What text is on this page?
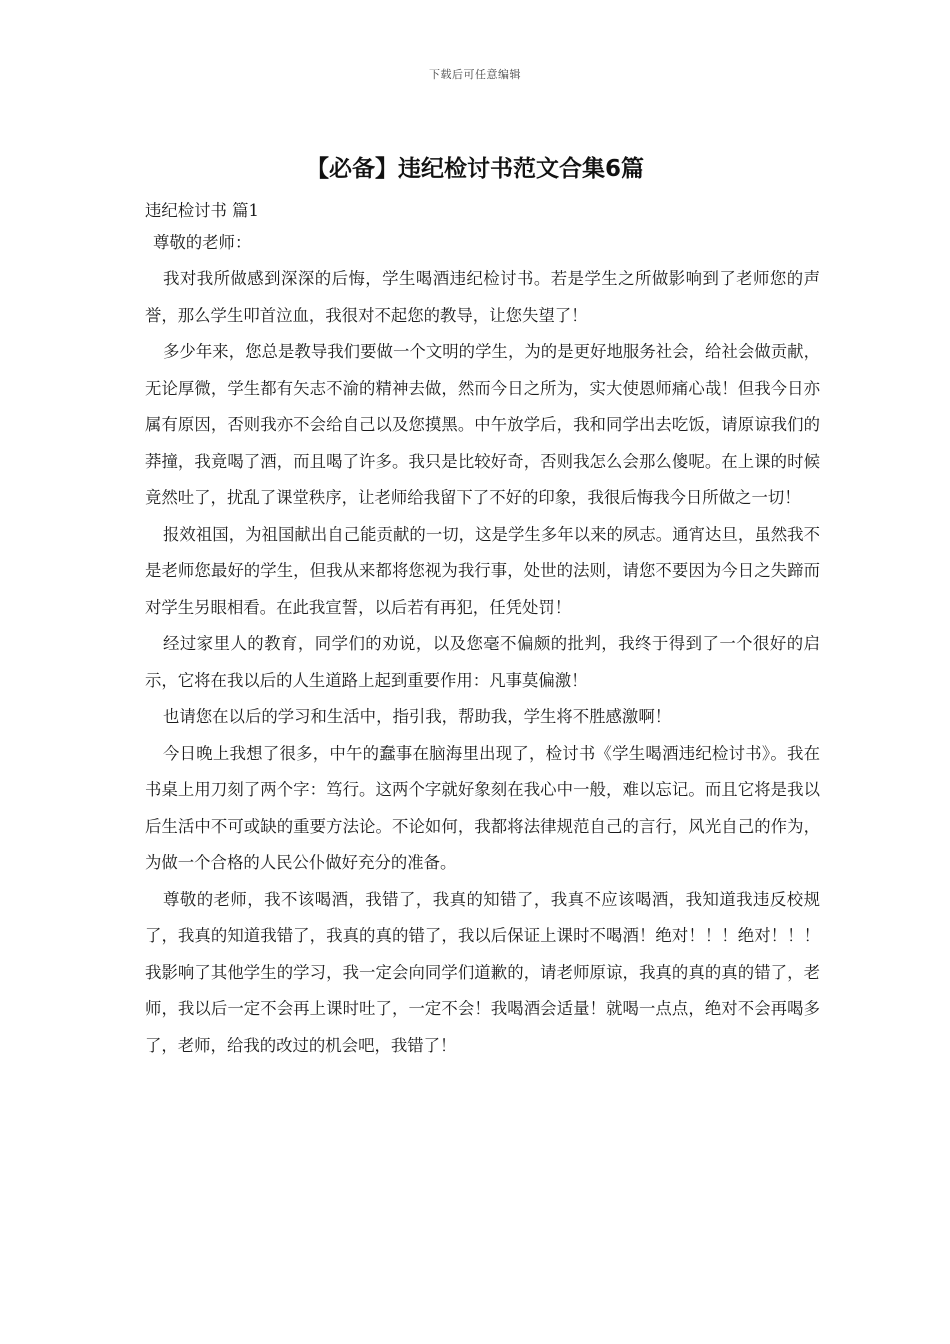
下载后可任意编辑
【必备】违纪检讨书范文合集6篇

违纪检讨书 篇1

尊敬的老师：

我对我所做感到深深的后悔，学生喝酒违纪检讨书。若是学生之所做影响到了老师您的声誉，那么学生叩首泣血，我很对不起您的教导，让您失望了！

多少年来，您总是教导我们要做一个文明的学生，为的是更好地服务社会，给社会做贡献，无论厚微，学生都有矢志不渝的精神去做，然而今日之所为，实大使恩师痛心哉！但我今日亦属有原因，否则我亦不会给自己以及您摸黑。中午放学后，我和同学出去吃饭，请原谅我们的莽撞，我竟喝了酒，而且喝了许多。我只是比较好奇，否则我怎么会那么傻呢。在上课的时候竟然吐了，扰乱了课堂秩序，让老师给我留下了不好的印象，我很后悔我今日所做之一切！

报效祖国，为祖国献出自己能贡献的一切，这是学生多年以来的夙志。通宵达旦，虽然我不是老师您最好的学生，但我从来都将您视为我行事，处世的法则，请您不要因为今日之失蹄而对学生另眼相看。在此我宣誓，以后若有再犯，任凭处罚！

经过家里人的教育，同学们的劝说，以及您毫不偏颇的批判，我终于得到了一个很好的启示，它将在我以后的人生道路上起到重要作用：凡事莫偏激！

也请您在以后的学习和生活中，指引我，帮助我，学生将不胜感激啊！

今日晚上我想了很多，中午的蠢事在脑海里出现了，检讨书《学生喝酒违纪检讨书》。我在书桌上用刀刻了两个字：笃行。这两个字就好象刻在我心中一般，难以忘记。而且它将是我以后生活中不可或缺的重要方法论。不论如何，我都将法律规范自己的言行，风光自己的作为，为做一个合格的人民公仆做好充分的准备。

尊敬的老师，我不该喝酒，我错了，我真的知错了，我真不应该喝酒，我知道我违反校规了，我真的知道我错了，我真的真的错了，我以后保证上课时不喝酒！绝对！！！绝对！！！我影响了其他学生的学习，我一定会向同学们道歉的，请老师原谅，我真的真的真的错了，老师，我以后一定不会再上课时吐了，一定不会！我喝酒会适量！就喝一点点，绝对不会再喝多了，老师，给我的改过的机会吧，我错了！
